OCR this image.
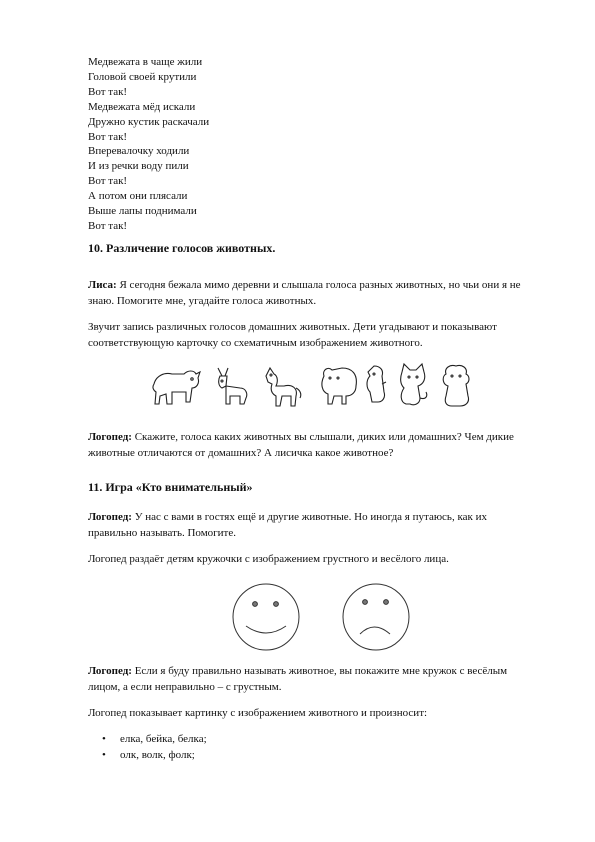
Медвежата в чаще жили
Головой своей крутили
Вот так!
Медвежата мёд искали
Дружно кустик раскачали
Вот так!
Вперевалочку ходили
И из речки воду пили
Вот так!
А потом они плясали
Выше лапы поднимали
Вот так!
10. Различение голосов животных.
Лиса: Я сегодня бежала мимо деревни и слышала голоса разных животных, но чьи они я не
знаю. Помогите мне, угадайте голоса животных.
Звучит запись различных голосов домашних животных. Дети угадывают и показывают
соответствующую карточку со схематичным изображением животного.
Логопед: Скажите, голоса каких животных вы слышали, диких или домашних? Чем дикие
животные отличаются от домашних? А лисичка какое животное?
11. Игра «Кто внимательный»
Логопед: У нас с вами в гостях ещё и другие животные. Но иногда я путаюсь, как их
правильно называть. Помогите.
Логопед раздаёт детям кружочки с изображением грустного и весёлого лица.
Логопед: Если я буду правильно называть животное, вы покажите мне кружок с весёлым
лицом, а если неправильно – с грустным.
Логопед показывает картинку с изображением животного и произносит:
• елка, бейка, белка;
• олк, волк, фолк;
